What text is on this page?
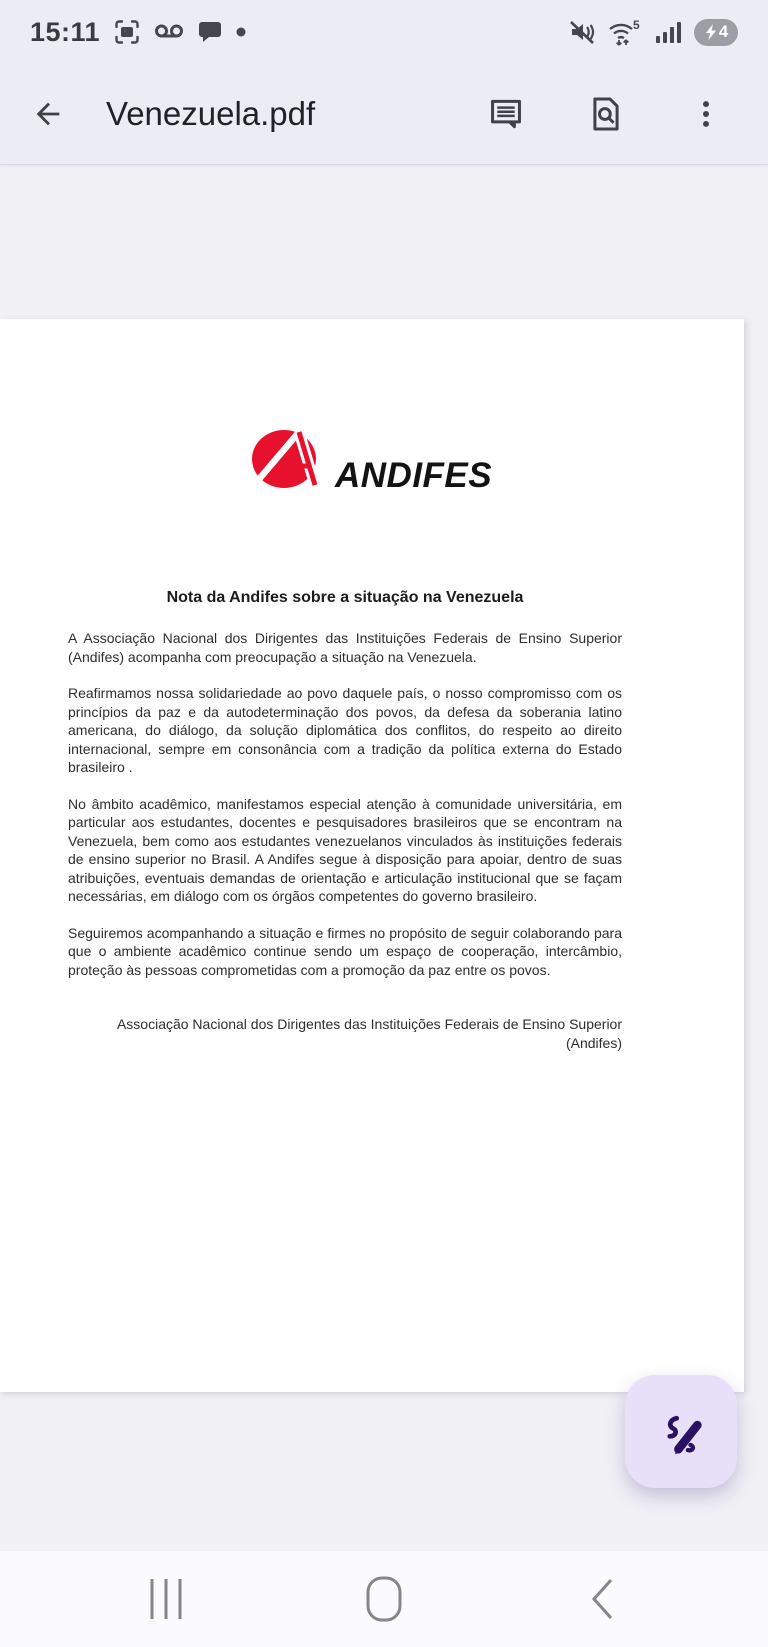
15:11	5	4
Venezuela.pdf
ANDIFES
Nota da Andifes sobre a situação na Venezuela

A Associação Nacional dos Dirigentes das Instituições Federais de Ensino Superior (Andifes) acompanha com preocupação a situação na Venezuela.

Reafirmamos nossa solidariedade ao povo daquele país, o nosso compromisso com os princípios da paz e da autodeterminação dos povos, da defesa da soberania latino americana, do diálogo, da solução diplomática dos conflitos, do respeito ao direito internacional, sempre em consonância com a tradição da política externa do Estado brasileiro .

No âmbito acadêmico, manifestamos especial atenção à comunidade universitária, em particular aos estudantes, docentes e pesquisadores brasileiros que se encontram na Venezuela, bem como aos estudantes venezuelanos vinculados às instituições federais de ensino superior no Brasil. A Andifes segue à disposição para apoiar, dentro de suas atribuições, eventuais demandas de orientação e articulação institucional que se façam necessárias, em diálogo com os órgãos competentes do governo brasileiro.

Seguiremos acompanhando a situação e firmes no propósito de seguir colaborando para que o ambiente acadêmico continue sendo um espaço de cooperação, intercâmbio, proteção às pessoas comprometidas com a promoção da paz entre os povos.

Associação Nacional dos Dirigentes das Instituições Federais de Ensino Superior
(Andifes)
